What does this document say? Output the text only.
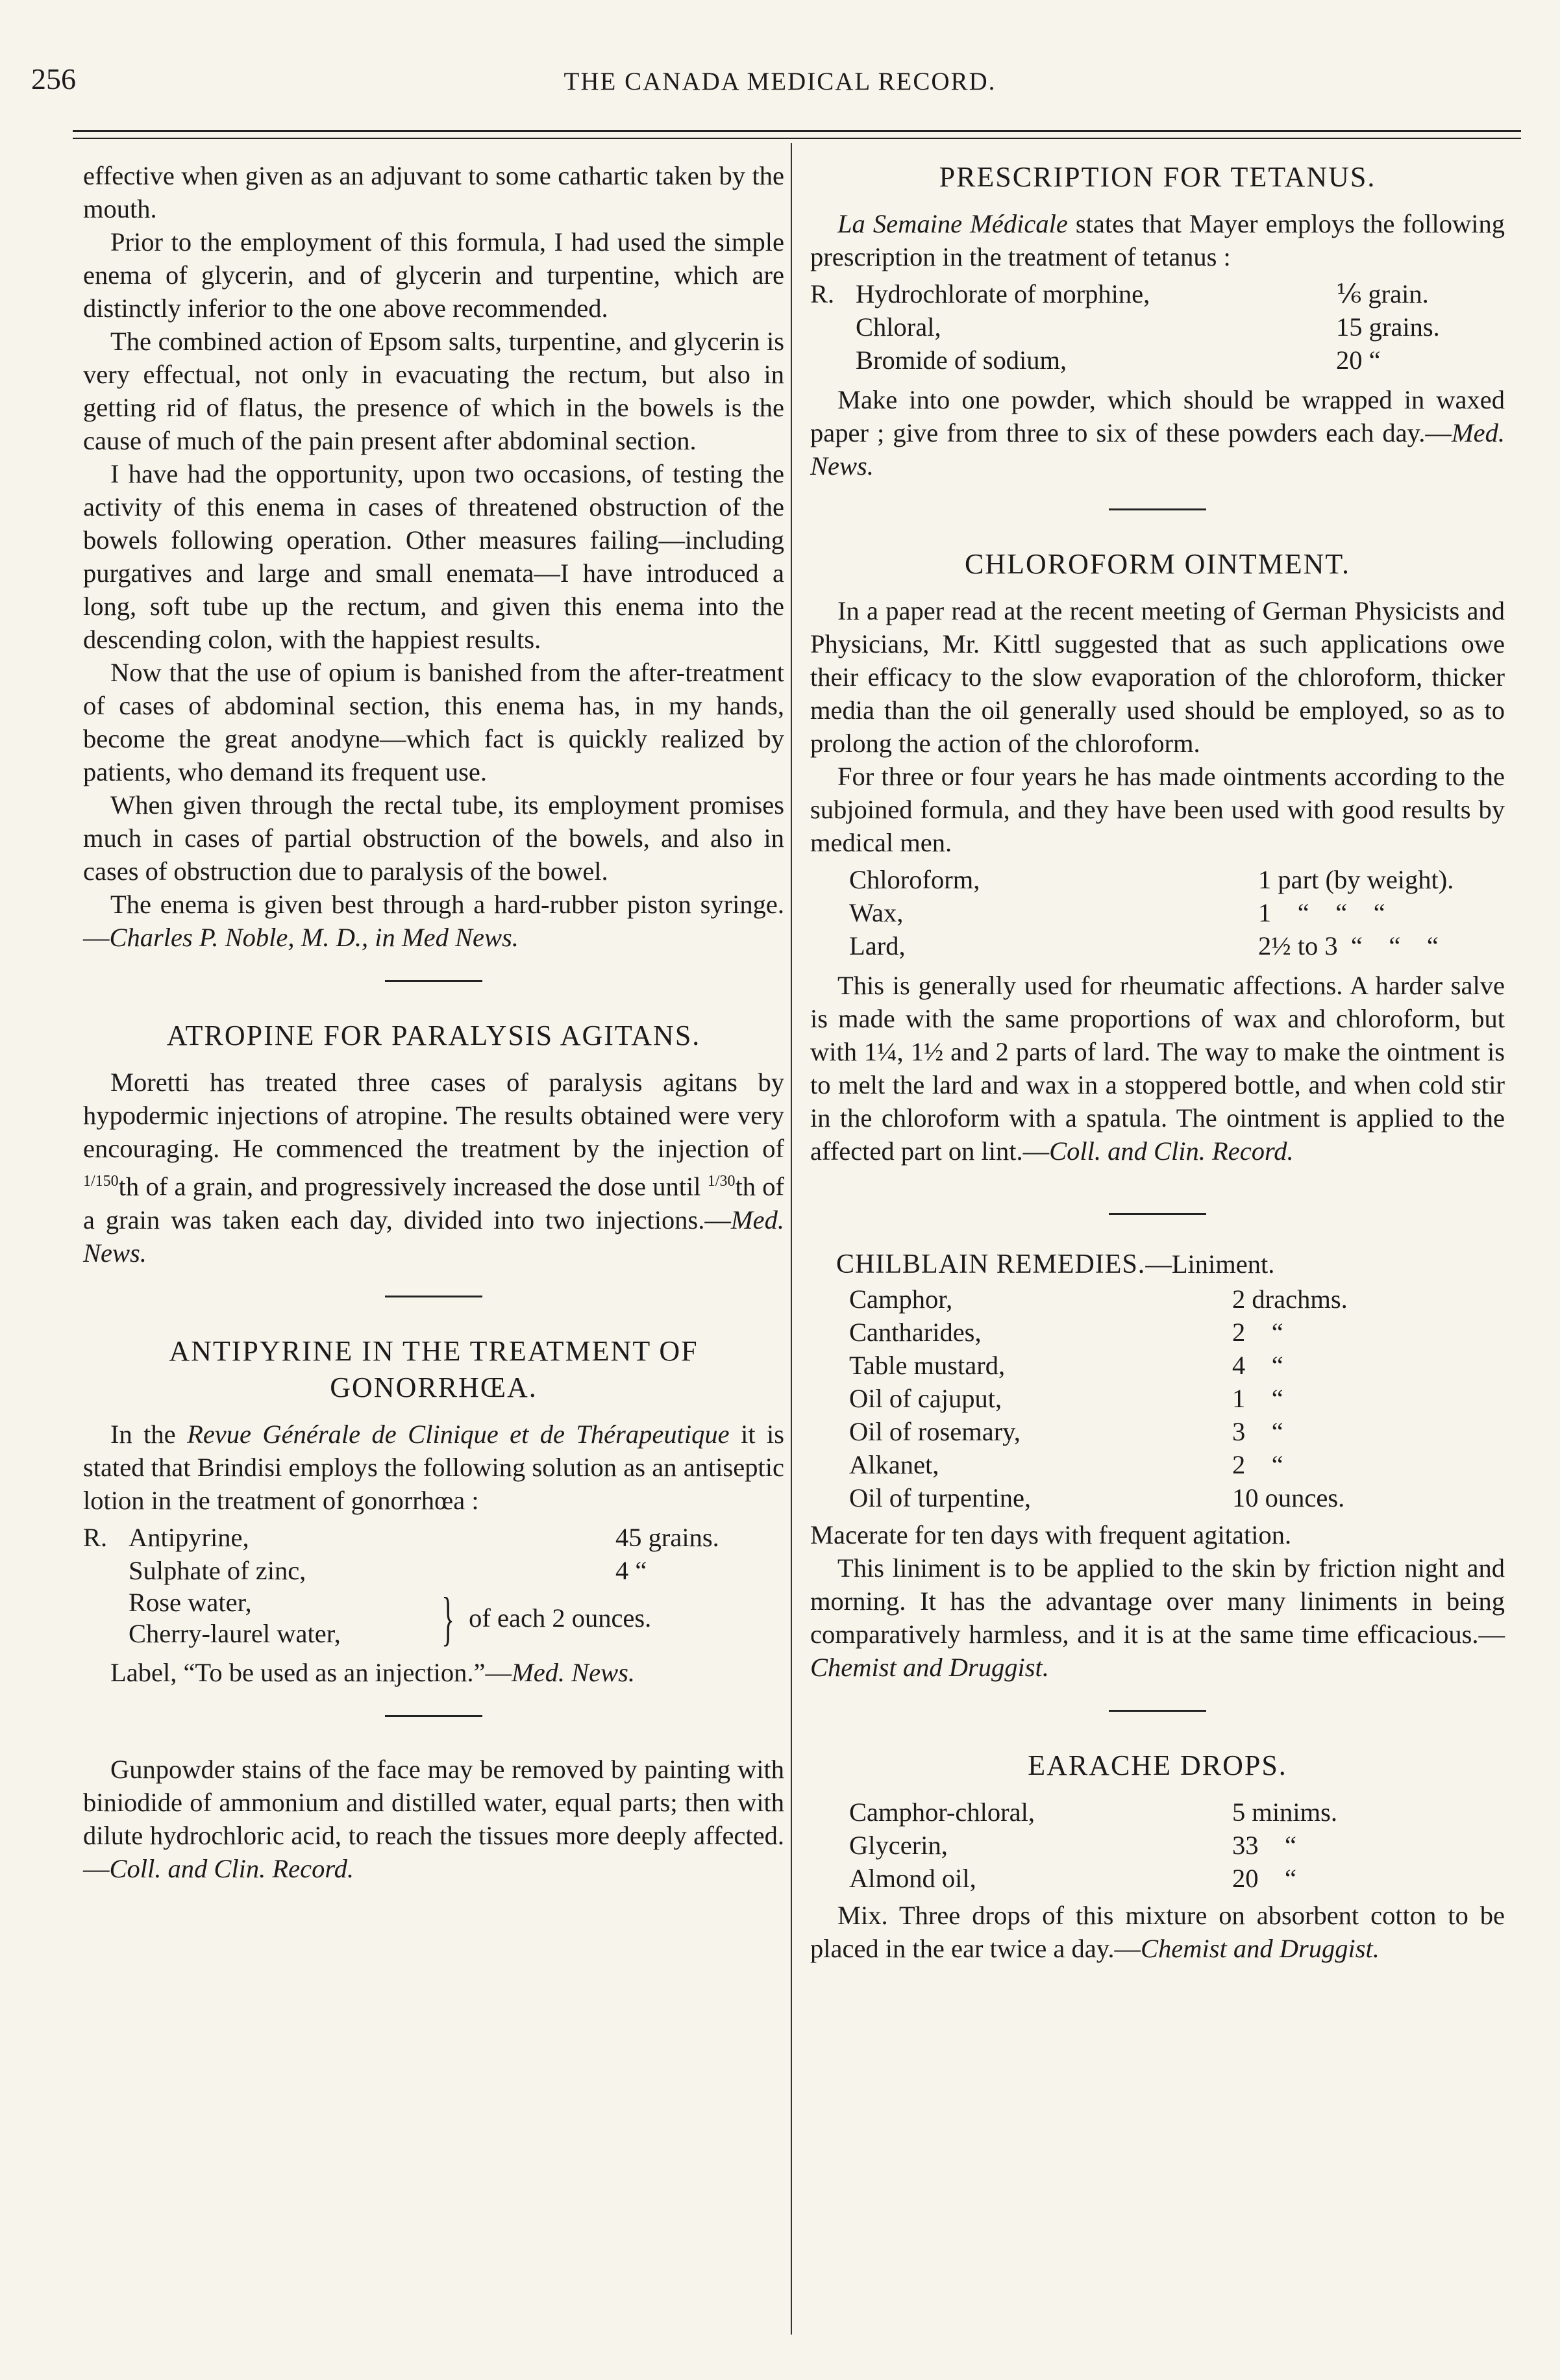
256	THE CANADA MEDICAL RECORD.

effective when given as an adjuvant to some cathartic taken by the mouth.

Prior to the employment of this formula, I had used the simple enema of glycerin, and of glycerin and turpentine, which are distinctly inferior to the one above recommended.

The combined action of Epsom salts, turpentine, and glycerin is very effectual, not only in evacuating the rectum, but also in getting rid of flatus, the presence of which in the bowels is the cause of much of the pain present after abdominal section.

I have had the opportunity, upon two occasions, of testing the activity of this enema in cases of threatened obstruction of the bowels following operation. Other measures failing—including purgatives and large and small enemata—I have introduced a long, soft tube up the rectum, and given this enema into the descending colon, with the happiest results.

Now that the use of opium is banished from the after-treatment of cases of abdominal section, this enema has, in my hands, become the great anodyne—which fact is quickly realized by patients, who demand its frequent use.

When given through the rectal tube, its employment promises much in cases of partial obstruction of the bowels, and also in cases of obstruction due to paralysis of the bowel.

The enema is given best through a hard-rubber piston syringe.—Charles P. Noble, M. D., in Med News.

ATROPINE FOR PARALYSIS AGITANS.

Moretti has treated three cases of paralysis agitans by hypodermic injections of atropine. The results obtained were very encouraging. He commenced the treatment by the injection of $^{1/150}$th of a grain, and progressively increased the dose until $^{1/30}$th of a grain was taken each day, divided into two injections.—Med. News.

ANTIPYRINE IN THE TREATMENT OF GONORRHŒA.

In the Revue Générale de Clinique et de Thérapeutique it is stated that Brindisi employs the following solution as an antiseptic lotion in the treatment of gonorrhœa :

R. Antipyrine,	45 grains.
Sulphate of zinc,	4 “
Rose water,
Cherry-laurel water,	} of each 2 ounces.

Label, “To be used as an injection.”—Med. News.

Gunpowder stains of the face may be removed by painting with biniodide of ammonium and distilled water, equal parts; then with dilute hydrochloric acid, to reach the tissues more deeply affected.—Coll. and Clin. Record.

PRESCRIPTION FOR TETANUS.

La Semaine Médicale states that Mayer employs the following prescription in the treatment of tetanus :

R. Hydrochlorate of morphine,	⅙ grain.
Chloral,	15 grains.
Bromide of sodium,	20 “

Make into one powder, which should be wrapped in waxed paper ; give from three to six of these powders each day.—Med. News.

CHLOROFORM OINTMENT.

In a paper read at the recent meeting of German Physicists and Physicians, Mr. Kittl suggested that as such applications owe their efficacy to the slow evaporation of the chloroform, thicker media than the oil generally used should be employed, so as to prolong the action of the chloroform.

For three or four years he has made ointments according to the subjoined formula, and they have been used with good results by medical men.

Chloroform,	1 part (by weight).
Wax,	1    “    “    “
Lard,	2½ to 3  “    “    “

This is generally used for rheumatic affections. A harder salve is made with the same proportions of wax and chloroform, but with 1¼, 1½ and 2 parts of lard. The way to make the ointment is to melt the lard and wax in a stoppered bottle, and when cold stir in the chloroform with a spatula. The ointment is applied to the affected part on lint.—Coll. and Clin. Record.

CHILBLAIN REMEDIES.—Liniment.
Camphor,	2 drachms.
Cantharides,	2    “
Table mustard,	4    “
Oil of cajuput,	1    “
Oil of rosemary,	3    “
Alkanet,	2    “
Oil of turpentine,	10 ounces.

Macerate for ten days with frequent agitation.

This liniment is to be applied to the skin by friction night and morning. It has the advantage over many liniments in being comparatively harmless, and it is at the same time efficacious.—Chemist and Druggist.

EARACHE DROPS.
Camphor-chloral,	5 minims.
Glycerin,	33    “
Almond oil,	20    “

Mix. Three drops of this mixture on absorbent cotton to be placed in the ear twice a day.—Chemist and Druggist.
